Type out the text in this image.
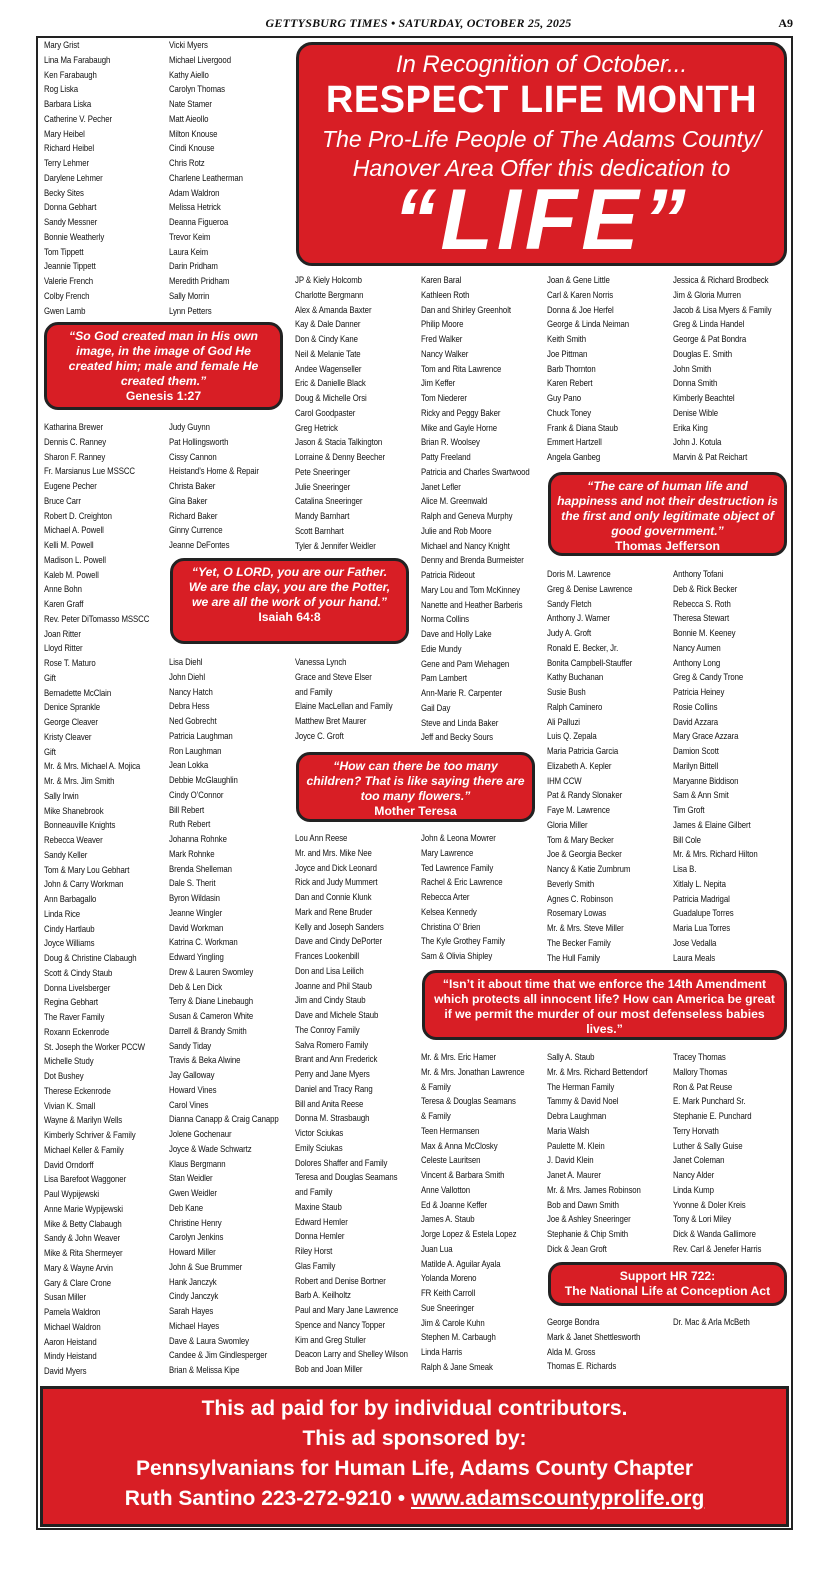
GETTYSBURG TIMES • SATURDAY, OCTOBER 25, 2025	A9
In Recognition of October...
RESPECT LIFE MONTH
The Pro-Life People of The Adams County/
Hanover Area Offer this dedication to
“LIFE”
Mary Grist
Lina Ma Farabaugh
Ken Farabaugh
Rog Liska
Barbara Liska
Catherine V. Pecher
Mary Heibel
Richard Heibel
Terry Lehmer
Darylene Lehmer
Becky Sites
Donna Gebhart
Sandy Messner
Bonnie Weatherly
Tom Tippett
Jeannie Tippett
Valerie French
Colby French
Gwen Lamb
Vicki Myers
Michael Livergood
Kathy Aiello
Carolyn Thomas
Nate Stamer
Matt Aieollo
Milton Knouse
Cindi Knouse
Chris Rotz
Charlene Leatherman
Adam Waldron
Melissa Hetrick
Deanna Figueroa
Trevor Keim
Laura Keim
Darin Pridham
Meredith Pridham
Sally Morrin
Lynn Petters
Katharina Brewer
Dennis C. Ranney
Sharon F. Ranney
Fr. Marsianus Lue MSSCC
Eugene Pecher
Bruce Carr
Robert D. Creighton
Michael A. Powell
Kelli M. Powell
Madison L. Powell
Kaleb M. Powell
Anne Bohn
Karen Graff
Rev. Peter DiTomasso MSSCC
Joan Ritter
Lloyd Ritter
Rose T. Maturo
Gift
Bernadette McClain
Denice Sprankle
George Cleaver
Kristy Cleaver
Gift
Mr. & Mrs. Michael A. Mojica
Mr. & Mrs. Jim Smith
Sally Irwin
Mike Shanebrook
Bonneauville Knights
Rebecca Weaver
Sandy Keller
Tom & Mary Lou Gebhart
John & Carry Workman
Ann Barbagallo
Linda Rice
Cindy Hartlaub
Joyce Williams
Doug & Christine Clabaugh
Scott & Cindy Staub
Donna Livelsberger
Regina Gebhart
The Raver Family
Roxann Eckenrode
St. Joseph the Worker PCCW
Michelle Study
Dot Bushey
Therese Eckenrode
Vivian K. Small
Wayne & Marilyn Wells
Kimberly Schriver & Family
Michael Keller & Family
David Orndorff
Lisa Barefoot Waggoner
Paul Wypijewski
Anne Marie Wypijewski
Mike & Betty Clabaugh
Sandy & John Weaver
Mike & Rita Shermeyer
Mary & Wayne Arvin
Gary & Clare Crone
Susan Miller
Pamela Waldron
Michael Waldron
Aaron Heistand
Mindy Heistand
David Myers
Judy Guynn
Pat Hollingsworth
Cissy Cannon
Heistand’s Home & Repair
Christa Baker
Gina Baker
Richard Baker
Ginny Currence
Jeanne DeFontes
Lisa Diehl
John Diehl
Nancy Hatch
Debra Hess
Ned Gobrecht
Patricia Laughman
Ron Laughman
Jean Lokka
Debbie McGlaughlin
Cindy O’Connor
Bill Rebert
Ruth Rebert
Johanna Rohnke
Mark Rohnke
Brenda Shelleman
Dale S. Therit
Byron Wildasin
Jeanne Wingler
David Workman
Katrina C. Workman
Edward Yingling
Drew & Lauren Swomley
Deb & Len Dick
Terry & Diane Linebaugh
Susan & Cameron White
Darrell & Brandy Smith
Sandy Tiday
Travis & Beka Alwine
Jay Galloway
Howard Vines
Carol Vines
Dianna Canapp & Craig Canapp
Jolene Gochenaur
Joyce & Wade Schwartz
Klaus Bergmann
Stan Weidler
Gwen Weidler
Deb Kane
Christine Henry
Carolyn Jenkins
Howard Miller
John & Sue Brummer
Hank Janczyk
Cindy Janczyk
Sarah Hayes
Michael Hayes
Dave & Laura Swomley
Candee & Jim Gindlesperger
Brian & Melissa Kipe
JP & Kiely Holcomb
Charlotte Bergmann
Alex & Amanda Baxter
Kay & Dale Danner
Don & Cindy Kane
Neil & Melanie Tate
Andee Wagenseller
Eric & Danielle Black
Doug & Michelle Orsi
Carol Goodpaster
Greg Hetrick
Jason & Stacia Talkington
Lorraine & Denny Beecher
Pete Sneeringer
Julie Sneeringer
Catalina Sneeringer
Mandy Barnhart
Scott Barnhart
Tyler & Jennifer Weidler
Vanessa Lynch
Grace and Steve Elser
and Family
Elaine MacLellan and Family
Matthew Bret Maurer
Joyce C. Groft
Lou Ann Reese
Mr. and Mrs. Mike Nee
Joyce and Dick Leonard
Rick and Judy Mummert
Dan and Connie Klunk
Mark and Rene Bruder
Kelly and Joseph Sanders
Dave and Cindy DePorter
Frances Lookenbill
Don and Lisa Leilich
Joanne and Phil Staub
Jim and Cindy Staub
Dave and Michele Staub
The Conroy Family
Salva Romero Family
Brant and Ann Frederick
Perry and Jane Myers
Daniel and Tracy Rang
Bill and Anita Reese
Donna M. Strasbaugh
Victor Sciukas
Emily Sciukas
Dolores Shaffer and Family
Teresa and Douglas Seamans
and Family
Maxine Staub
Edward Hemler
Donna Hemler
Riley Horst
Glas Family
Robert and Denise Bortner
Barb A. Keilholtz
Paul and Mary Jane Lawrence
Spence and Nancy Topper
Kim and Greg Stuller
Deacon Larry and Shelley Wilson
Bob and Joan Miller
Karen Baral
Kathleen Roth
Dan and Shirley Greenholt
Philip Moore
Fred Walker
Nancy Walker
Tom and Rita Lawrence
Jim Keffer
Tom Niederer
Ricky and Peggy Baker
Mike and Gayle Horne
Brian R. Woolsey
Patty Freeland
Patricia and Charles Swartwood
Janet Lefler
Alice M. Greenwald
Ralph and Geneva Murphy
Julie and Rob Moore
Michael and Nancy Knight
Denny and Brenda Burmeister
Patricia Rideout
Mary Lou and Tom McKinney
Nanette and Heather Barberis
Norma Collins
Dave and Holly Lake
Edie Mundy
Gene and Pam Wiehagen
Pam Lambert
Ann-Marie R. Carpenter
Gail Day
Steve and Linda Baker
Jeff and Becky Sours
John & Leona Mowrer
Mary Lawrence
Ted Lawrence Family
Rachel & Eric Lawrence
Rebecca Arter
Kelsea Kennedy
Christina O’ Brien
The Kyle Grothey Family
Sam & Olivia Shipley
Mr. & Mrs. Eric Hamer
Mr. & Mrs. Jonathan Lawrence
& Family
Teresa & Douglas Seamans
& Family
Teen Hermansen
Max & Anna McClosky
Celeste Lauritsen
Vincent & Barbara Smith
Anne Vallotton
Ed & Joanne Keffer
James A. Staub
Jorge Lopez & Estela Lopez
Juan Lua
Matilde A. Aguilar Ayala
Yolanda Moreno
FR Keith Carroll
Sue Sneeringer
Jim & Carole Kuhn
Stephen M. Carbaugh
Linda Harris
Ralph & Jane Smeak
Joan & Gene Little
Carl & Karen Norris
Donna & Joe Herfel
George & Linda Neiman
Keith Smith
Joe Pittman
Barb Thornton
Karen Rebert
Guy Pano
Chuck Toney
Frank & Diana Staub
Emmert Hartzell
Angela Ganbeg
Doris M. Lawrence
Greg & Denise Lawrence
Sandy Fletch
Anthony J. Warner
Judy A. Groft
Ronald E. Becker, Jr.
Bonita Campbell-Stauffer
Kathy Buchanan
Susie Bush
Ralph Caminero
Ali Palluzi
Luis Q. Zepala
Maria Patricia Garcia
Elizabeth A. Kepler
IHM CCW
Pat & Randy Slonaker
Faye M. Lawrence
Gloria Miller
Tom & Mary Becker
Joe & Georgia Becker
Nancy & Katie Zumbrum
Beverly Smith
Agnes C. Robinson
Rosemary Lowas
Mr. & Mrs. Steve Miller
The Becker Family
The Hull Family
Sally A. Staub
Mr. & Mrs. Richard Bettendorf
The Herman Family
Tammy & David Noel
Debra Laughman
Maria Walsh
Paulette M. Klein
J. David Klein
Janet A. Maurer
Mr. & Mrs. James Robinson
Bob and Dawn Smith
Joe & Ashley Sneeringer
Stephanie & Chip Smith
Dick & Jean Groft
George Bondra
Mark & Janet Shettlesworth
Alda M. Gross
Thomas E. Richards
Jessica & Richard Brodbeck
Jim & Gloria Murren
Jacob & Lisa Myers & Family
Greg & Linda Handel
George & Pat Bondra
Douglas E. Smith
John Smith
Donna Smith
Kimberly Beachtel
Denise Wible
Erika King
John J. Kotula
Marvin & Pat Reichart
Anthony Tofani
Deb & Rick Becker
Rebecca S. Roth
Theresa Stewart
Bonnie M. Keeney
Nancy Aumen
Anthony Long
Greg & Candy Trone
Patricia Heiney
Rosie Collins
David Azzara
Mary Grace Azzara
Damion Scott
Marilyn Bittell
Maryanne Biddison
Sam & Ann Smit
Tim Groft
James & Elaine Gilbert
Bill Cole
Mr. & Mrs. Richard Hilton
Lisa B.
Xitlaly L. Nepita
Patricia Madrigal
Guadalupe Torres
Maria Lua Torres
Jose Vedalla
Laura Meals
Tracey Thomas
Mallory Thomas
Ron & Pat Reuse
E. Mark Punchard Sr.
Stephanie E. Punchard
Terry Horvath
Luther & Sally Guise
Janet Coleman
Nancy Alder
Linda Kump
Yvonne & Doler Kreis
Tony & Lori Miley
Dick & Wanda Gallimore
Rev. Carl & Jenefer Harris
Dr. Mac & Arla McBeth
“So God created man in His own image, in the image of God He created him; male and female He created them.”
Genesis 1:27
“Yet, O LORD, you are our Father. We are the clay, you are the Potter, we are all the work of your hand.”
Isaiah 64:8
“The care of human life and happiness and not their destruction is the first and only legitimate object of good government.”
Thomas Jefferson
“How can there be too many children? That is like saying there are too many flowers.”
Mother Teresa
“Isn’t it about time that we enforce the 14th Amendment which protects all innocent life? How can America be great if we permit the murder of our most defenseless babies lives.”
Support HR 722:
The National Life at Conception Act
This ad paid for by individual contributors.
This ad sponsored by:
Pennsylvanians for Human Life, Adams County Chapter
Ruth Santino 223-272-9210 • www.adamscountyprolife.org
